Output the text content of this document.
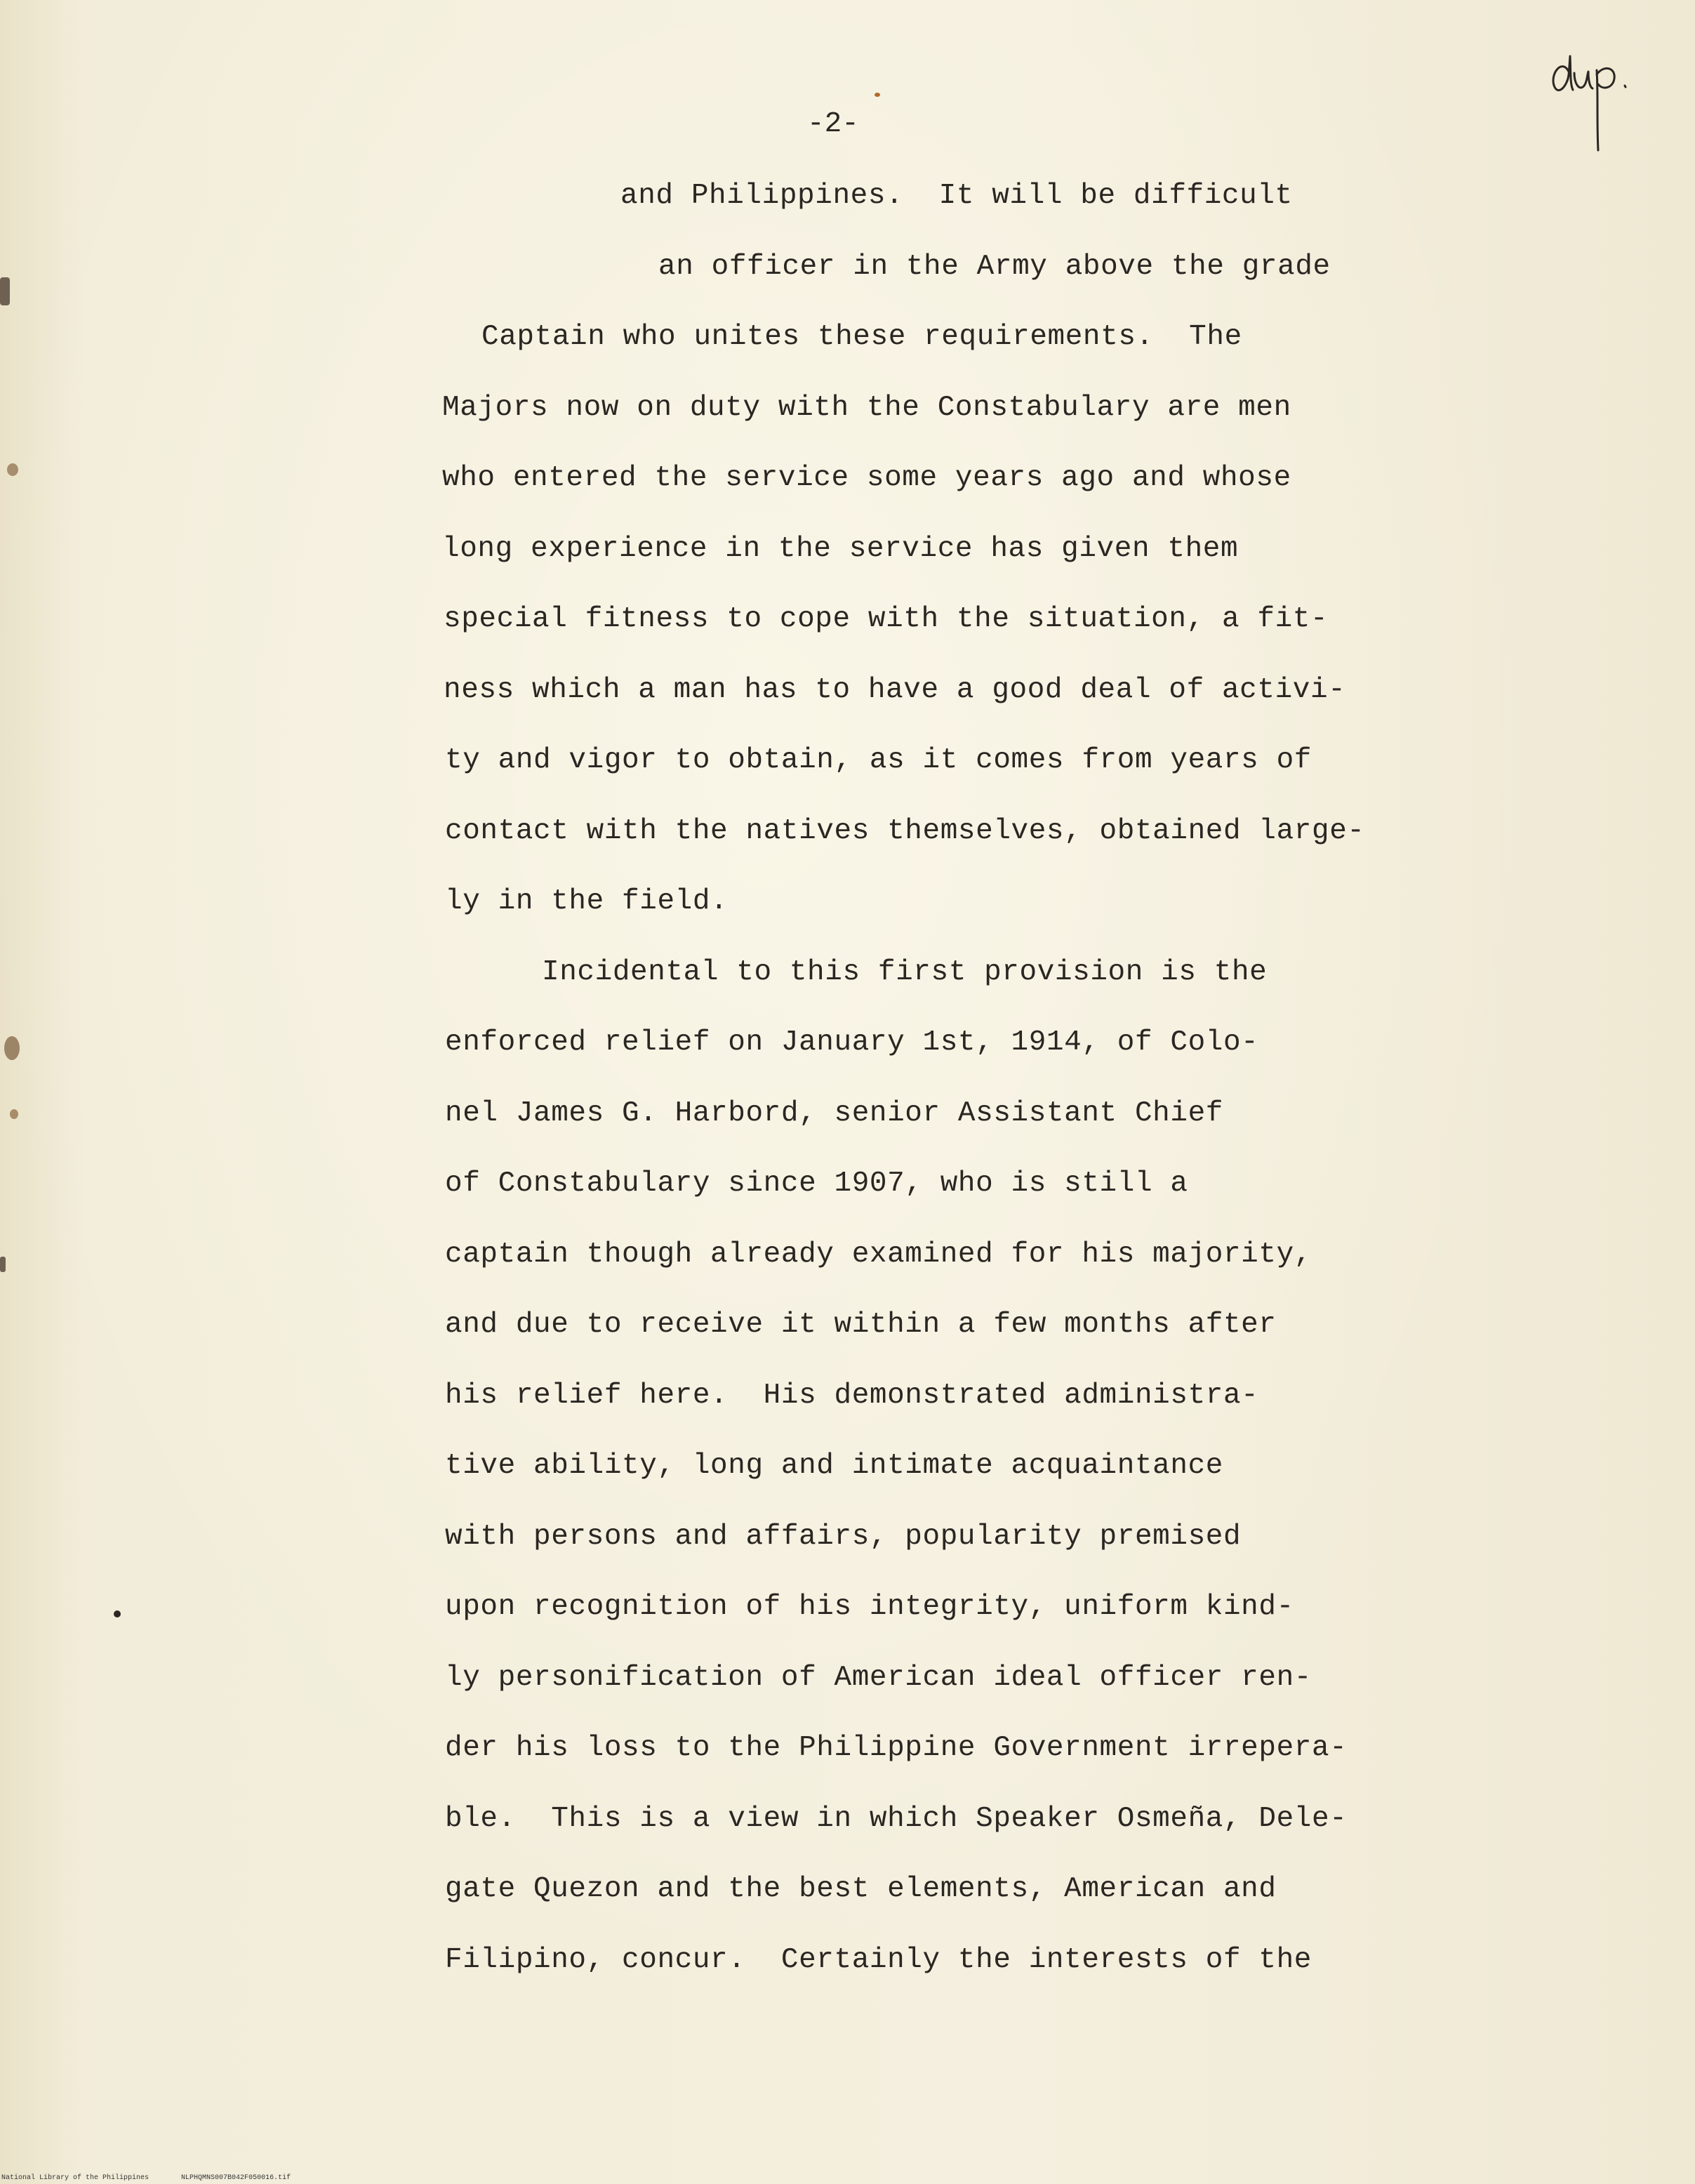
-2-

and Philippines.  It will be difficult

an officer in the Army above the grade

Captain who unites these requirements.  The

Majors now on duty with the Constabulary are men

who entered the service some years ago and whose

long experience in the service has given them

special fitness to cope with the situation, a fit-

ness which a man has to have a good deal of activi-

ty and vigor to obtain, as it comes from years of

contact with the natives themselves, obtained large-

ly in the field.

Incidental to this first provision is the

enforced relief on January 1st, 1914, of Colo-

nel James G. Harbord, senior Assistant Chief

of Constabulary since 1907, who is still a

captain though already examined for his majority,

and due to receive it within a few months after

his relief here.  His demonstrated administra-

tive ability, long and intimate acquaintance

with persons and affairs, popularity premised

upon recognition of his integrity, uniform kind-

ly personification of American ideal officer ren-

der his loss to the Philippine Government irrepera-

ble.  This is a view in which Speaker Osmeña, Dele-

gate Quezon and the best elements, American and

Filipino, concur.  Certainly the interests of the

National Library of the Philippines	NLPHQMNS007B042F050016.tif
